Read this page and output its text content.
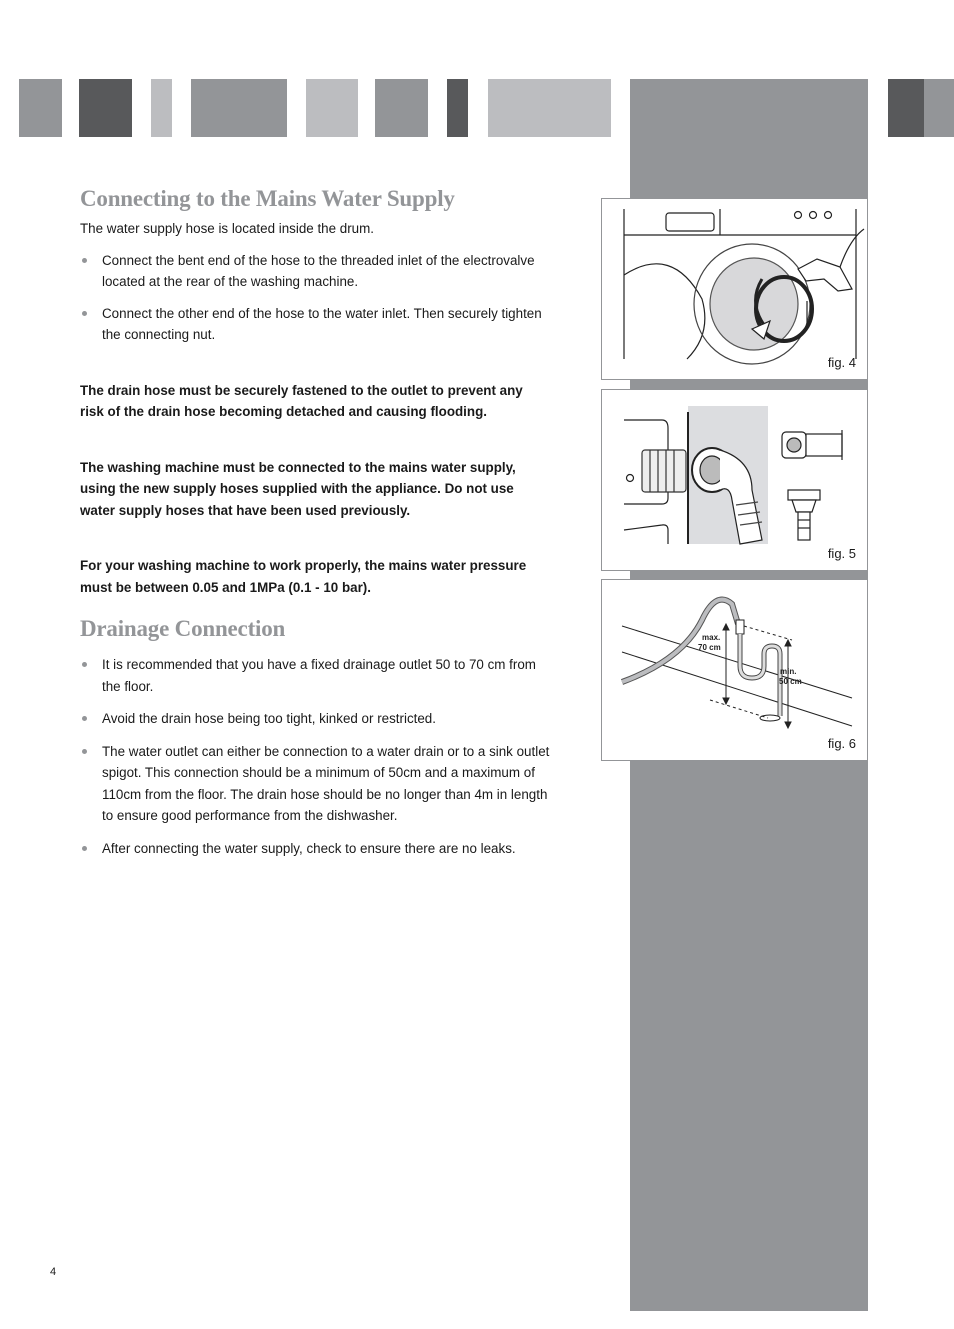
Connecting to the Mains Water Supply

The water supply hose is located inside the drum.

Connect the bent end of the hose to the threaded inlet of the electrovalve located at the rear of the washing machine.
Connect the other end of the hose to the water inlet. Then securely tighten the connecting nut.

The drain hose must be securely fastened to the outlet to prevent any risk of the drain hose becoming detached and causing flooding.

The washing machine must be connected to the mains water supply, using the new supply hoses supplied with the appliance. Do not use water supply hoses that have been used previously.

For your washing machine to work properly, the mains water pressure must be between 0.05 and 1MPa (0.1 - 10 bar).

Drainage Connection
It is recommended that you have a fixed drainage outlet 50 to 70 cm from the floor.
Avoid the drain hose being too tight, kinked or restricted.
The water outlet can either be connection to a water drain or to a sink outlet spigot. This connection should be a minimum of 50cm and a maximum of 110cm from the floor. The drain hose should be no longer than 4m in length to ensure good performance from the dishwasher.
After connecting the water supply, check to ensure there are no leaks.
fig. 4
fig. 5
max.
70 cm
min.
50 cm
fig. 6
4
